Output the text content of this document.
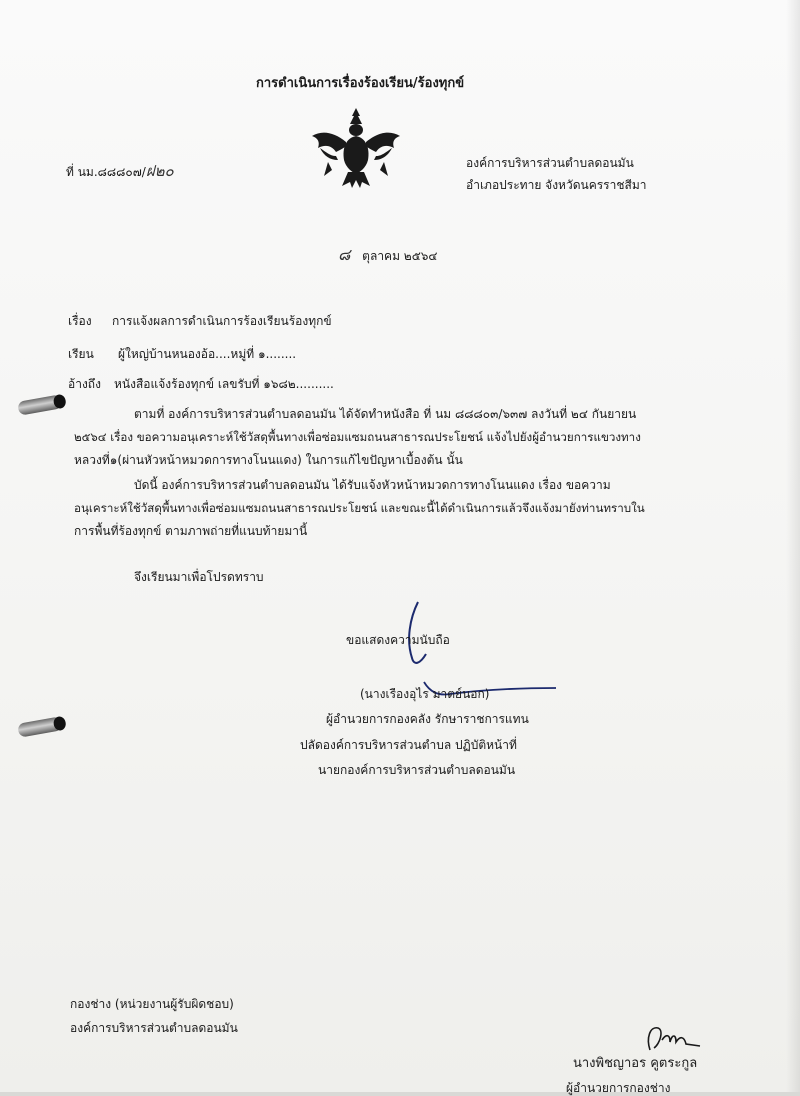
การดำเนินการเรื่องร้องเรียน/ร้องทุกข์
ที่ นม.๘๘๘๐๗/ฝ๒๐	องค์การบริหารส่วนตำบลดอนมัน
อำเภอประทาย จังหวัดนครราชสีมา
๘ ตุลาคม ๒๕๖๔
เรื่อง การแจ้งผลการดำเนินการร้องเรียนร้องทุกข์
เรียน ผู้ใหญ่บ้านหนองอ้อ....หมู่ที่ ๑........
อ้างถึง หนังสือแจ้งร้องทุกข์ เลขรับที่ ๑๖๘๒..........
ตามที่ องค์การบริหารส่วนตำบลดอนมัน ได้จัดทำหนังสือ ที่ นม ๘๘๘๐๓/๖๓๗ ลงวันที่ ๒๔ กันยายน
๒๕๖๔ เรื่อง ขอความอนุเคราะห์ใช้วัสดุพื้นทางเพื่อซ่อมแซมถนนสาธารณประโยชน์ แจ้งไปยังผู้อำนวยการแขวงทาง
หลวงที่๑(ผ่านหัวหน้าหมวดการทางโนนแดง) ในการแก้ไขปัญหาเบื้องต้น นั้น
บัดนี้ องค์การบริหารส่วนตำบลดอนมัน ได้รับแจ้งหัวหน้าหมวดการทางโนนแดง เรื่อง ขอความ
อนุเคราะห์ใช้วัสดุพื้นทางเพื่อซ่อมแซมถนนสาธารณประโยชน์ และขณะนี้ได้ดำเนินการแล้วจึงแจ้งมายังท่านทราบใน
การพื้นที่ร้องทุกข์ ตามภาพถ่ายที่แนบท้ายมานี้
จึงเรียนมาเพื่อโปรดทราบ
ขอแสดงความนับถือ
(นางเรืองอุไร มาตย์นอก)
ผู้อำนวยการกองคลัง รักษาราชการแทน
ปลัดองค์การบริหารส่วนตำบล ปฏิบัติหน้าที่
นายกองค์การบริหารส่วนตำบลดอนมัน
กองช่าง (หน่วยงานผู้รับผิดชอบ)
องค์การบริหารส่วนตำบลดอนมัน
นางพิชญาอร คูตระกูล
ผู้อำนวยการกองช่าง
